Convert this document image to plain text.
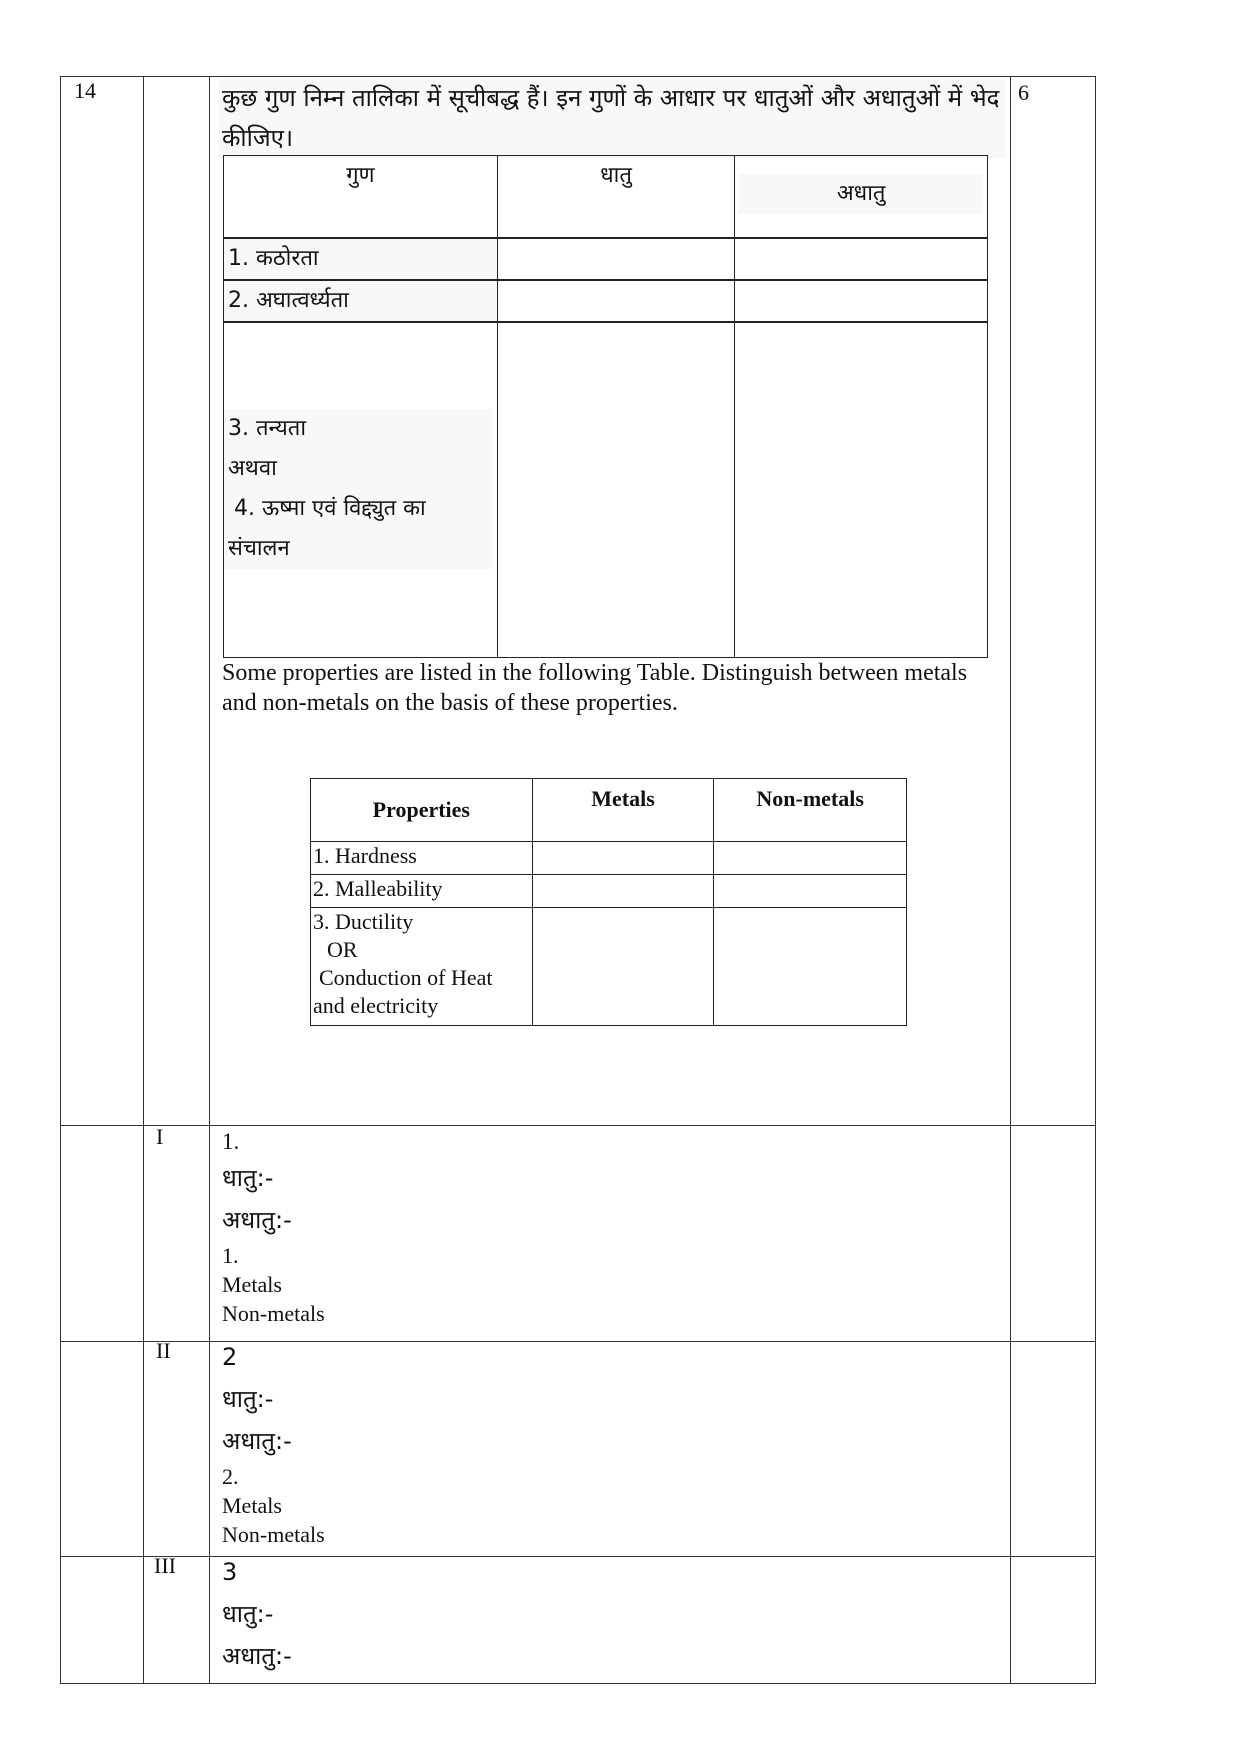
14	6
कुछ गुण निम्न तालिका में सूचीबद्ध हैं। इन गुणों के आधार पर धातुओं और अधातुओं में भेद कीजिए।
गुण	धातु	अधातु
1. कठोरता		
2. अघात्वर्ध्यता		

3. तन्यता
अथवा
4. ऊष्मा एवं विद्द्युत का
संचालन		

Some properties are listed in the following Table. Distinguish between metals and non-metals on the basis of these properties.
Properties	Metals	Non-metals
1. Hardness		
2. Malleability		

3. Ductility
OR
Conduction of Heat
and electricity		

I	1.
धातु:-
अधातु:-
1.
Metals
Non-metals
II 2
धातु:-
अधातु:-
2.
Metals
Non-metals
III 3
धातु:-
अधातु:-
